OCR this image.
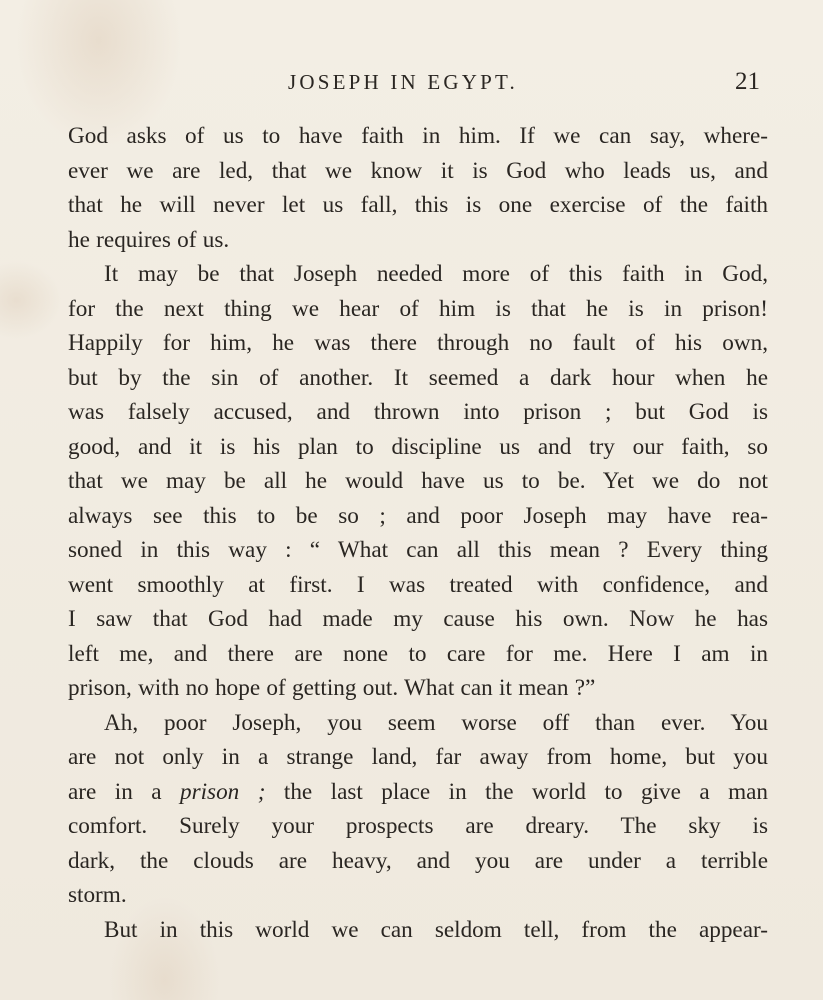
JOSEPH IN EGYPT.	21

God asks of us to have faith in him. If we can say, where-
ever we are led, that we know it is God who leads us, and
that he will never let us fall, this is one exercise of the faith
he requires of us.

It may be that Joseph needed more of this faith in God,
for the next thing we hear of him is that he is in prison!
Happily for him, he was there through no fault of his own,
but by the sin of another. It seemed a dark hour when he
was falsely accused, and thrown into prison ; but God is
good, and it is his plan to discipline us and try our faith, so
that we may be all he would have us to be. Yet we do not
always see this to be so ; and poor Joseph may have rea-
soned in this way : “ What can all this mean ? Every thing
went smoothly at first. I was treated with confidence, and
I saw that God had made my cause his own. Now he has
left me, and there are none to care for me. Here I am in
prison, with no hope of getting out. What can it mean ?”

Ah, poor Joseph, you seem worse off than ever. You
are not only in a strange land, far away from home, but you
are in a prison ; the last place in the world to give a man
comfort. Surely your prospects are dreary. The sky is
dark, the clouds are heavy, and you are under a terrible
storm.

But in this world we can seldom tell, from the appear-
